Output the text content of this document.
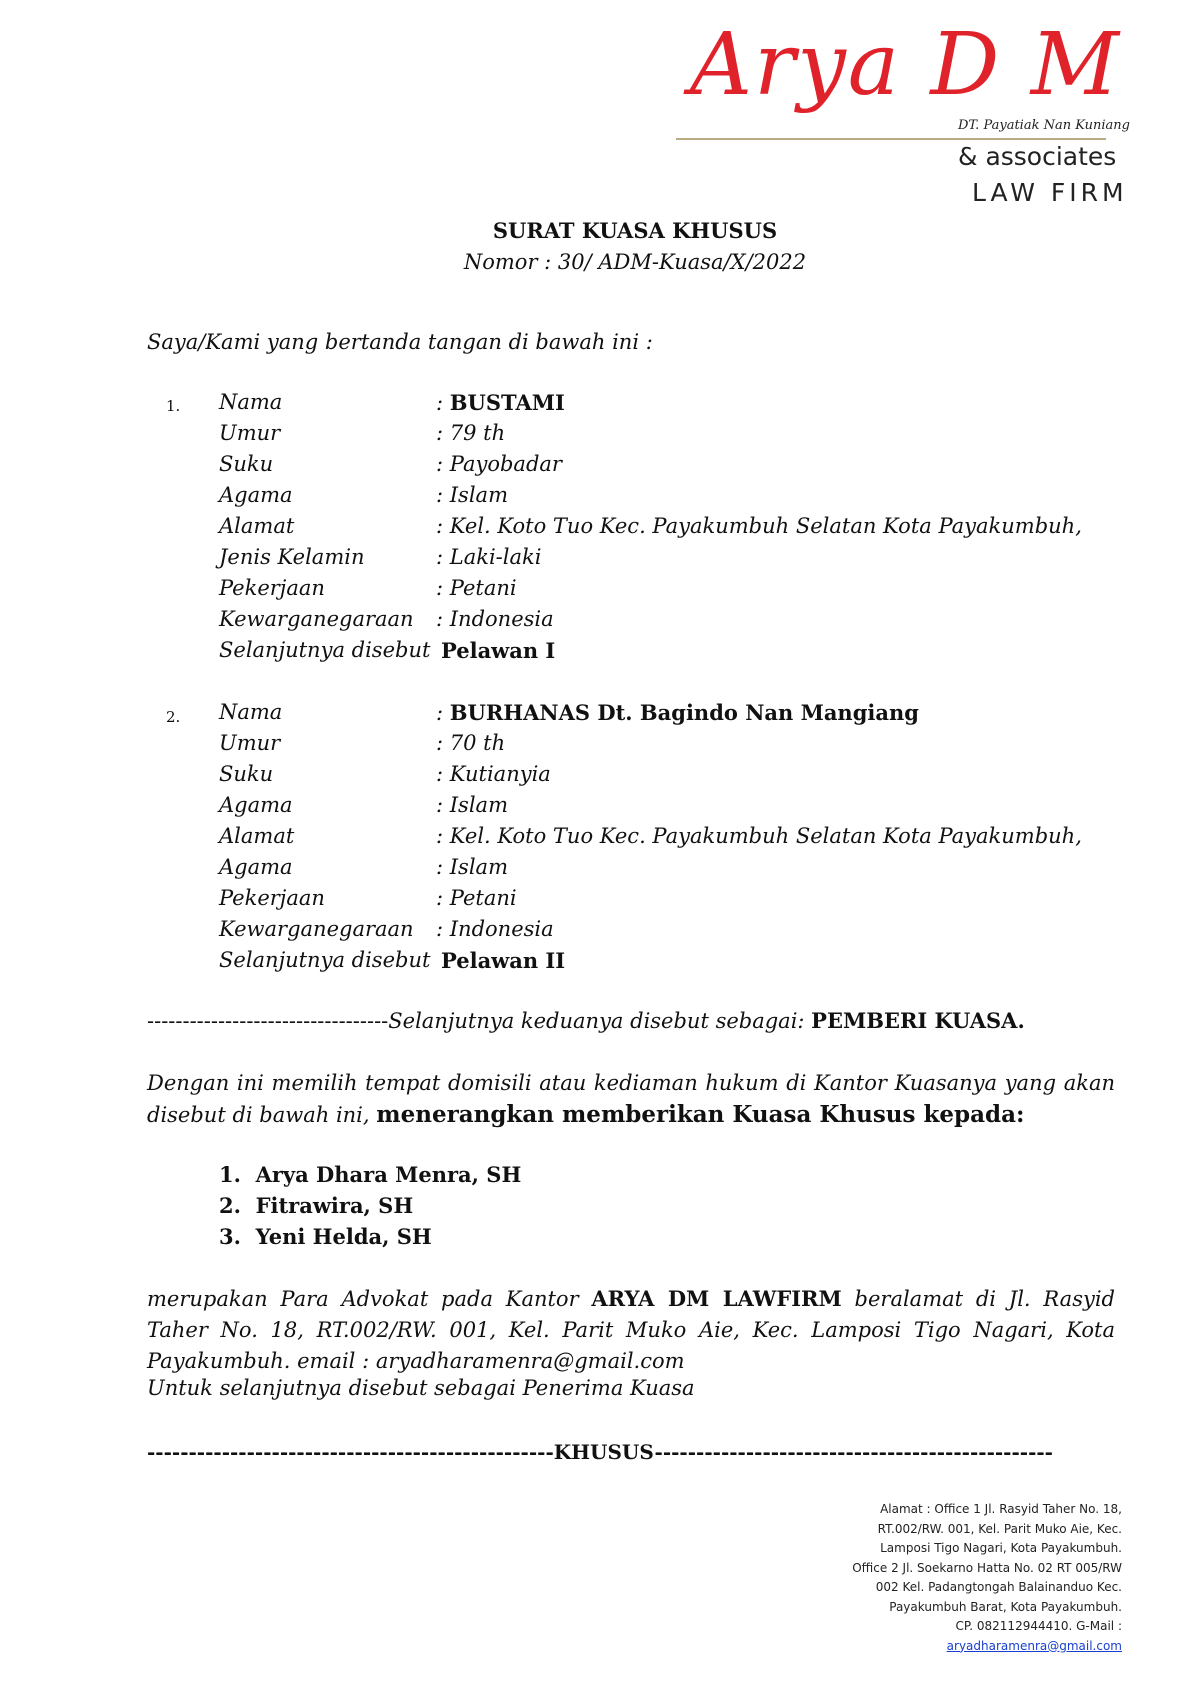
Arya D M
DT. Payatiak Nan Kuniang
& associates
LAW FIRM
SURAT KUASA KHUSUS
Nomor : 30/ ADM-Kuasa/X/2022
Saya/Kami yang bertanda tangan di bawah ini :
1. Nama	: BUSTAMI
Umur	: 79 th
Suku	: Payobadar
Agama	: Islam
Alamat	: Kel. Koto Tuo Kec. Payakumbuh Selatan Kota Payakumbuh,
Jenis Kelamin	: Laki-laki
Pekerjaan	: Petani
Kewarganegaraan : Indonesia
Selanjutnya disebut Pelawan I
2. Nama	: BURHANAS Dt. Bagindo Nan Mangiang
Umur	: 70 th
Suku	: Kutianyia
Agama	: Islam
Alamat	: Kel. Koto Tuo Kec. Payakumbuh Selatan Kota Payakumbuh,
Agama	: Islam
Pekerjaan	: Petani
Kewarganegaraan : Indonesia
Selanjutnya disebut Pelawan II
----------------------------------Selanjutnya keduanya disebut sebagai: PEMBERI KUASA.
Dengan ini memilih tempat domisili atau kediaman hukum di Kantor Kuasanya yang akan disebut di bawah ini, menerangkan memberikan Kuasa Khusus kepada:
1. Arya Dhara Menra, SH
2. Fitrawira, SH
3. Yeni Helda, SH
merupakan Para Advokat pada Kantor ARYA DM LAWFIRM beralamat di Jl. Rasyid Taher No. 18, RT.002/RW. 001, Kel. Parit Muko Aie, Kec. Lamposi Tigo Nagari, Kota Payakumbuh. email : aryadharamenra@gmail.com
Untuk selanjutnya disebut sebagai Penerima Kuasa
-------------------------------------------------KHUSUS------------------------------------------------
Alamat : Office 1 Jl. Rasyid Taher No. 18,
RT.002/RW. 001, Kel. Parit Muko Aie, Kec.
Lamposi Tigo Nagari, Kota Payakumbuh.
Office 2 Jl. Soekarno Hatta No. 02 RT 005/RW
002 Kel. Padangtongah Balainanduo Kec.
Payakumbuh Barat, Kota Payakumbuh.
CP. 082112944410. G-Mail :
aryadharamenra@gmail.com
